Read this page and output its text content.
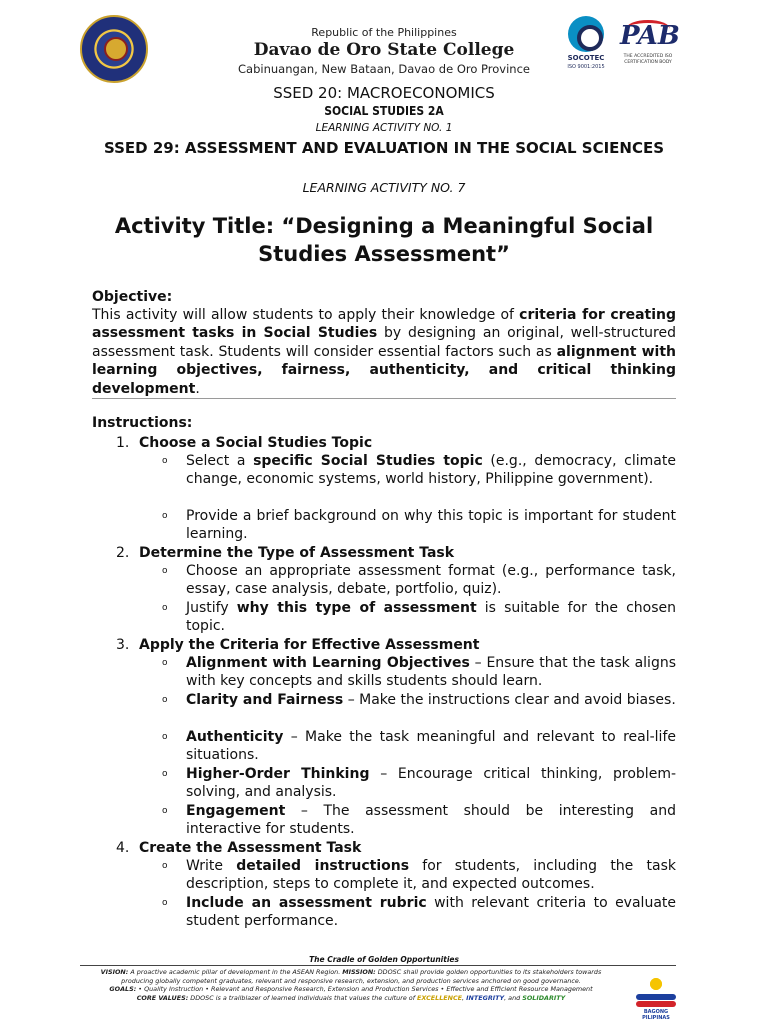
Republic of the Philippines
Davao de Oro State College
Cabinuangan, New Bataan, Davao de Oro Province
SOCOTEC
ISO 9001:2015
PAB
THE ACCREDITED ISO CERTIFICATION BODY
SSED 20: MACROECONOMICS
SOCIAL STUDIES 2A
LEARNING ACTIVITY NO. 1
SSED 29: ASSESSMENT AND EVALUATION IN THE SOCIAL SCIENCES
LEARNING ACTIVITY NO. 7
Activity Title: “Designing a Meaningful Social Studies Assessment”
Objective:
This activity will allow students to apply their knowledge of criteria for creating assessment tasks in Social Studies by designing an original, well-structured assessment task. Students will consider essential factors such as alignment with learning objectives, fairness, authenticity, and critical thinking development.
Instructions:
1. Choose a Social Studies Topic
o Select a specific Social Studies topic (e.g., democracy, climate change, economic systems, world history, Philippine government).
o Provide a brief background on why this topic is important for student learning.
2. Determine the Type of Assessment Task
o Choose an appropriate assessment format (e.g., performance task, essay, case analysis, debate, portfolio, quiz).
o Justify why this type of assessment is suitable for the chosen topic.
3. Apply the Criteria for Effective Assessment
o Alignment with Learning Objectives – Ensure that the task aligns with key concepts and skills students should learn.
o Clarity and Fairness – Make the instructions clear and avoid biases.
o Authenticity – Make the task meaningful and relevant to real-life situations.
o Higher-Order Thinking – Encourage critical thinking, problem-solving, and analysis.
o Engagement – The assessment should be interesting and interactive for students.
4. Create the Assessment Task
o Write detailed instructions for students, including the task description, steps to complete it, and expected outcomes.
o Include an assessment rubric with relevant criteria to evaluate student performance.
The Cradle of Golden Opportunities
VISION: A proactive academic pillar of development in the ASEAN Region. MISSION: DDOSC shall provide golden opportunities to its stakeholders towards producing globally competent graduates, relevant and responsive research, extension, and production services anchored on good governance.
GOALS: • Quality Instruction • Relevant and Responsive Research, Extension and Production Services • Effective and Efficient Resource Management
CORE VALUES: DDOSC is a trailblazer of learned individuals that values the culture of EXCELLENCE, INTEGRITY, and SOLIDARITY
BAGONG PILIPINAS
